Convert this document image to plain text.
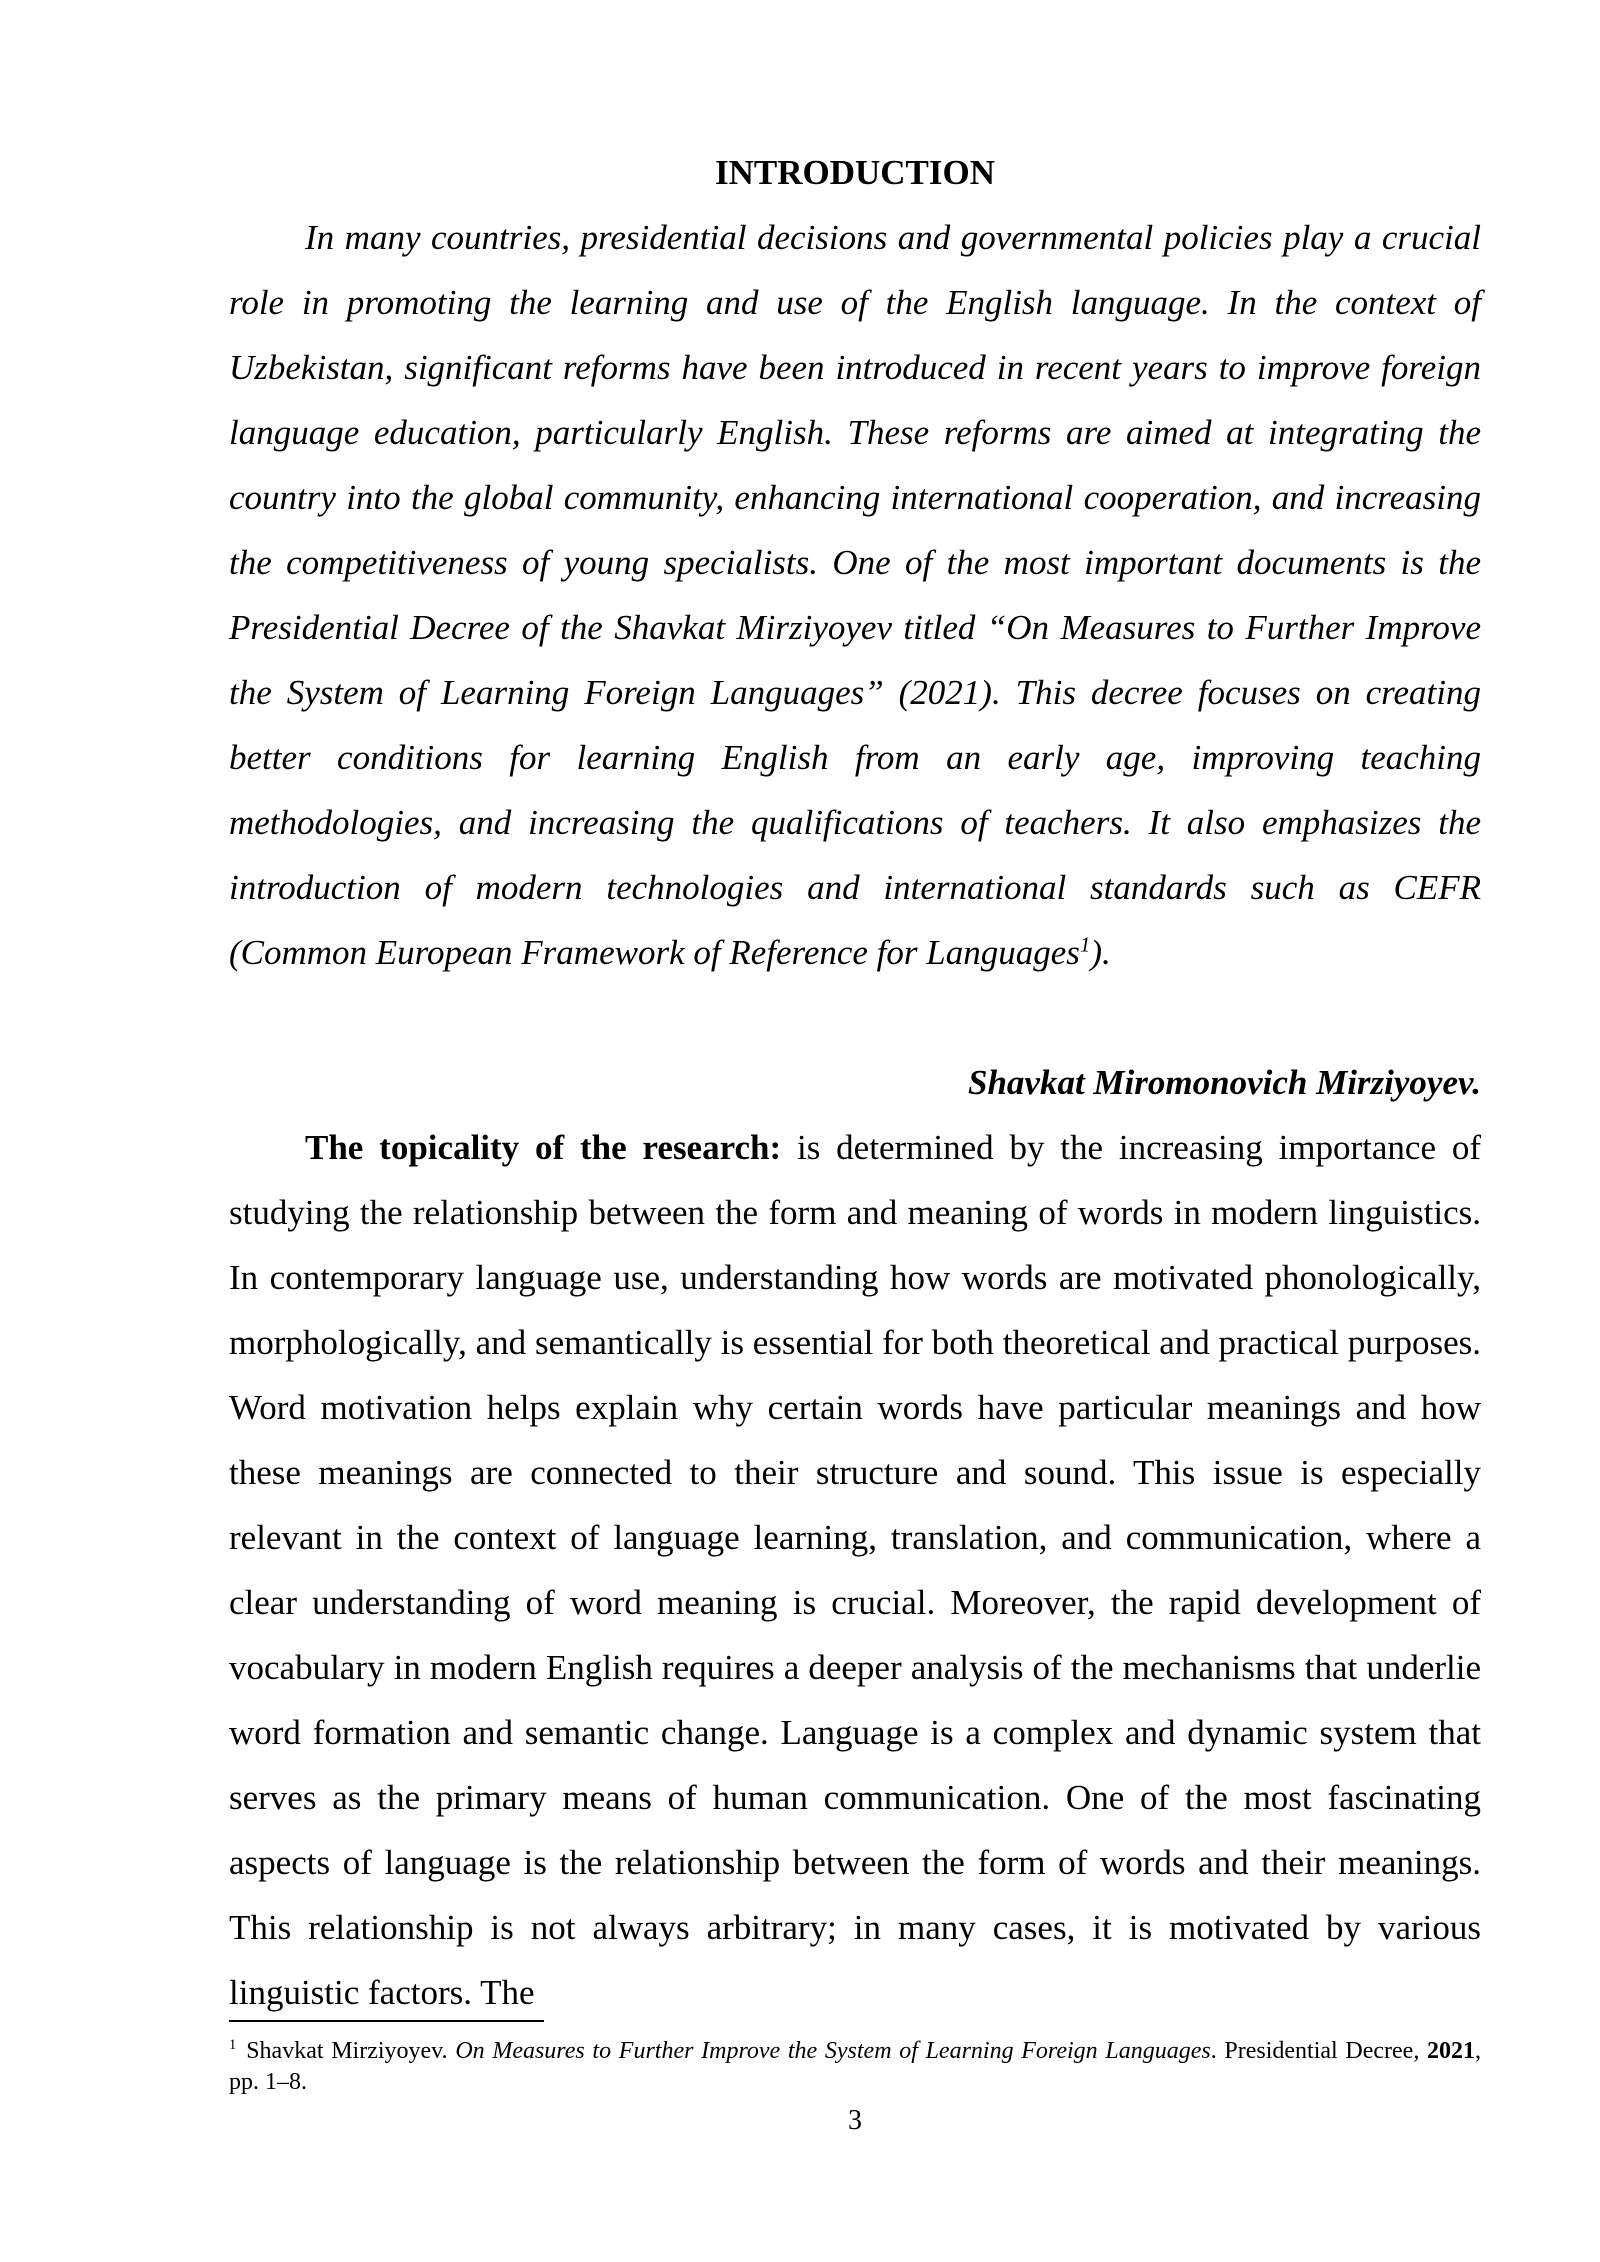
INTRODUCTION

In many countries, presidential decisions and governmental policies play a crucial role in promoting the learning and use of the English language. In the context of Uzbekistan, significant reforms have been introduced in recent years to improve foreign language education, particularly English. These reforms are aimed at integrating the country into the global community, enhancing international cooperation, and increasing the competitiveness of young specialists. One of the most important documents is the Presidential Decree of the Shavkat Mirziyoyev titled “On Measures to Further Improve the System of Learning Foreign Languages” (2021). This decree focuses on creating better conditions for learning English from an early age, improving teaching methodologies, and increasing the qualifications of teachers. It also emphasizes the introduction of modern technologies and international standards such as CEFR (Common European Framework of Reference for Languages$^1$).

Shavkat Miromonovich Mirziyoyev.

The topicality of the research: is determined by the increasing importance of studying the relationship between the form and meaning of words in modern linguistics. In contemporary language use, understanding how words are motivated phonologically, morphologically, and semantically is essential for both theoretical and practical purposes. Word motivation helps explain why certain words have particular meanings and how these meanings are connected to their structure and sound. This issue is especially relevant in the context of language learning, translation, and communication, where a clear understanding of word meaning is crucial. Moreover, the rapid development of vocabulary in modern English requires a deeper analysis of the mechanisms that underlie word formation and semantic change. Language is a complex and dynamic system that serves as the primary means of human communication. One of the most fascinating aspects of language is the relationship between the form of words and their meanings. This relationship is not always arbitrary; in many cases, it is motivated by various linguistic factors. The

$^1$ Shavkat Mirziyoyev. On Measures to Further Improve the System of Learning Foreign Languages. Presidential Decree, 2021, pp. 1–8.
3
